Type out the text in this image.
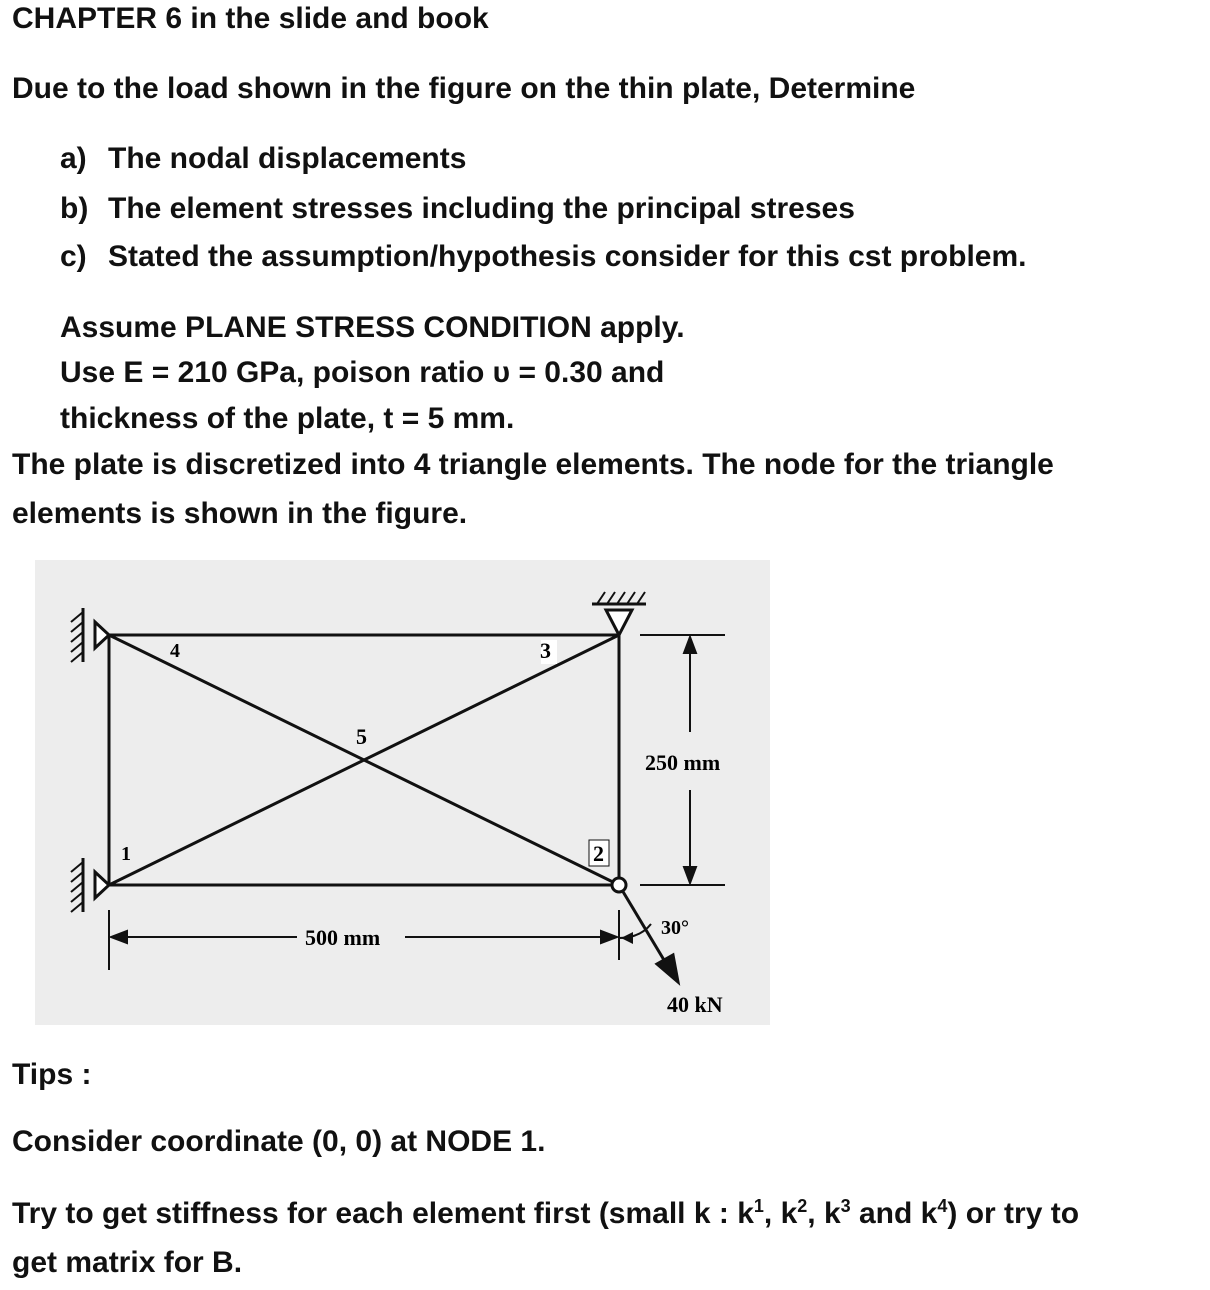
CHAPTER 6 in the slide and book
Due to the load shown in the figure on the thin plate, Determine
a) The nodal displacements
b) The element stresses including the principal streses
c) Stated the assumption/hypothesis consider for this cst problem.
Assume PLANE STRESS CONDITION apply.
Use E = 210 GPa, poison ratio υ = 0.30 and
thickness of the plate, t = 5 mm.
The plate is discretized into 4 triangle elements. The node for the triangle
elements is shown in the figure.
4	3
5
2
1
500 mm
250 mm
30°
40 kN
Tips :
Consider coordinate (0, 0) at NODE 1.
Try to get stiffness for each element first (small k : $k^1$, $k^2$, $k^3$ and $k^4$) or try to
get matrix for B.
